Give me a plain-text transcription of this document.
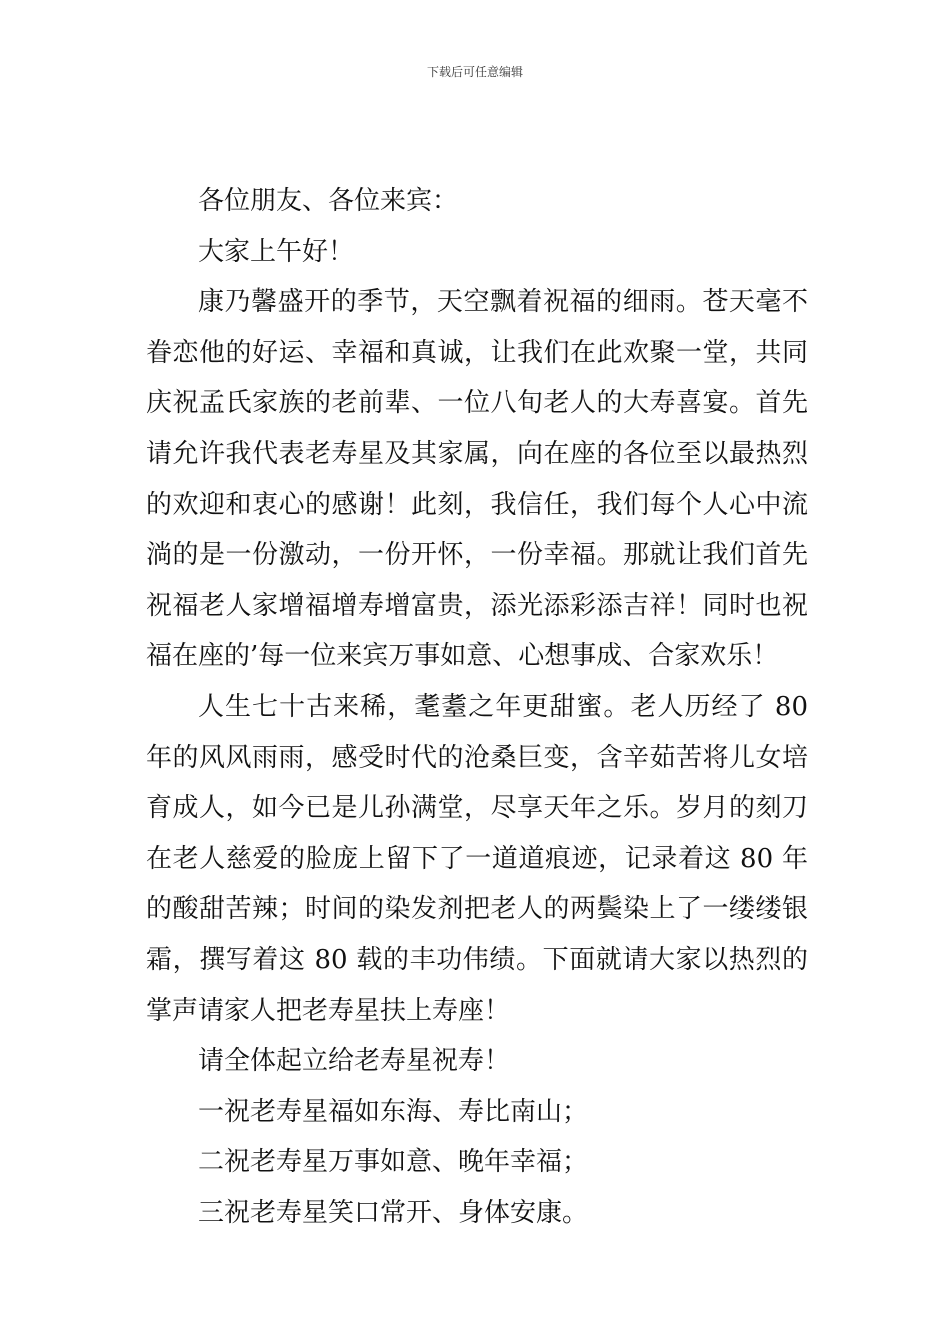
下载后可任意编辑

各位朋友、各位来宾：

大家上午好！

康乃馨盛开的季节，天空飘着祝福的细雨。苍天毫不眷恋他的好运、幸福和真诚，让我们在此欢聚一堂，共同庆祝孟氏家族的老前辈、一位八旬老人的大寿喜宴。首先请允许我代表老寿星及其家属，向在座的各位至以最热烈的欢迎和衷心的感谢！此刻，我信任，我们每个人心中流淌的是一份激动，一份开怀，一份幸福。那就让我们首先祝福老人家增福增寿增富贵，添光添彩添吉祥！同时也祝福在座的’每一位来宾万事如意、心想事成、合家欢乐！

人生七十古来稀，耄耋之年更甜蜜。老人历经了 80 年的风风雨雨，感受时代的沧桑巨变，含辛茹苦将儿女培育成人，如今已是儿孙满堂，尽享天年之乐。岁月的刻刀在老人慈爱的脸庞上留下了一道道痕迹，记录着这 80 年的酸甜苦辣；时间的染发剂把老人的两鬓染上了一缕缕银霜，撰写着这 80 载的丰功伟绩。下面就请大家以热烈的掌声请家人把老寿星扶上寿座！

请全体起立给老寿星祝寿！

一祝老寿星福如东海、寿比南山；

二祝老寿星万事如意、晚年幸福；

三祝老寿星笑口常开、身体安康。
